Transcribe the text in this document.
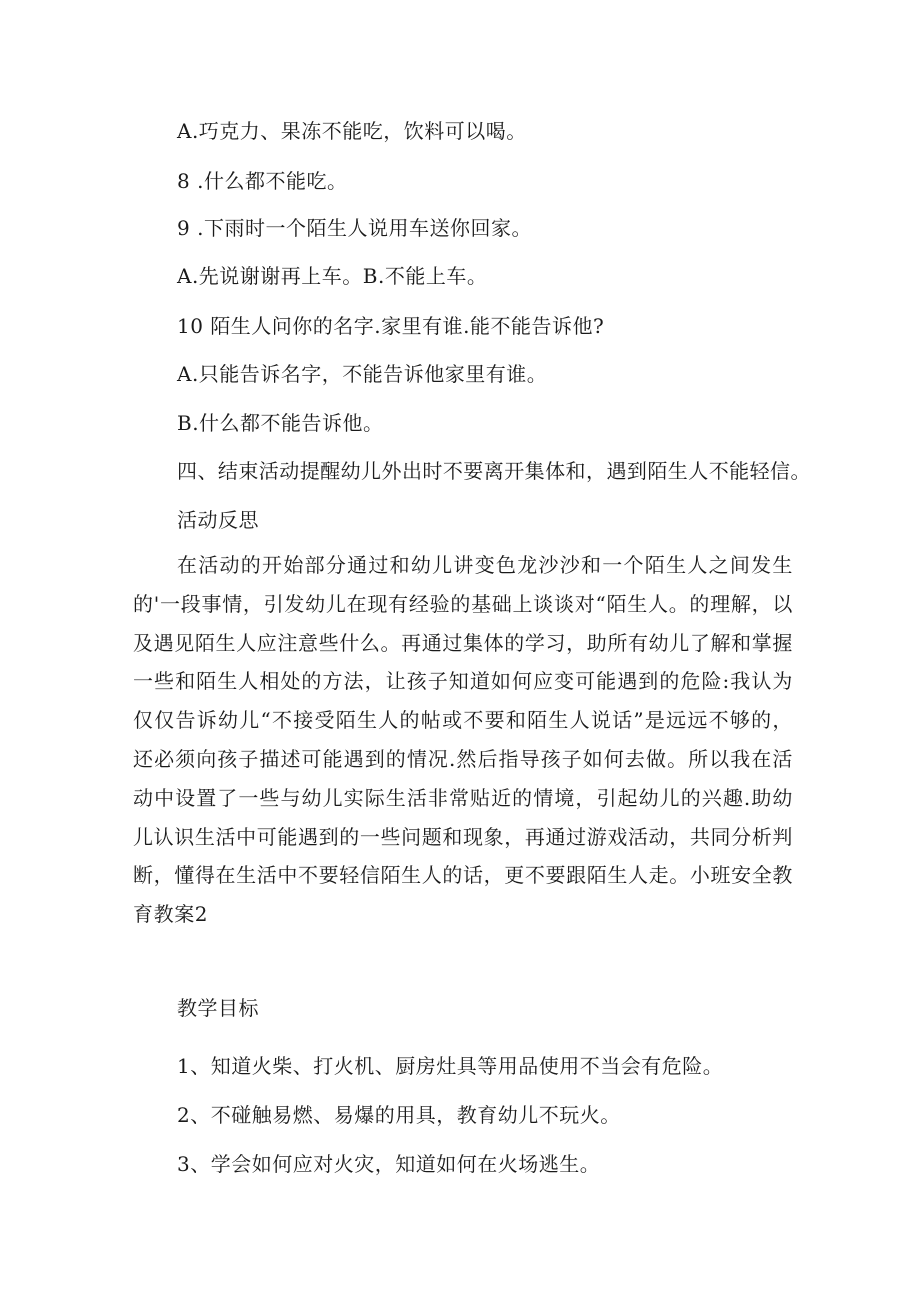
A.巧克力、果冻不能吃，饮料可以喝。
8 .什么都不能吃。
9 .下雨时一个陌生人说用车送你回家。
A.先说谢谢再上车。B.不能上车。
10 陌生人问你的名字.家里有谁.能不能告诉他?
A.只能告诉名字，不能告诉他家里有谁。
B.什么都不能告诉他。
四、结束活动提醒幼儿外出时不要离开集体和，遇到陌生人不能轻信。
活动反思

在活动的开始部分通过和幼儿讲变色龙沙沙和一个陌生人之间发生的'一段事情，引发幼儿在现有经验的基础上谈谈对“陌生人。的理解，以及遇见陌生人应注意些什么。再通过集体的学习，助所有幼儿了解和掌握一些和陌生人相处的方法，让孩子知道如何应变可能遇到的危险:我认为仅仅告诉幼儿“不接受陌生人的帖或不要和陌生人说话”是远远不够的，还必须向孩子描述可能遇到的情况.然后指导孩子如何去做。所以我在活动中设置了一些与幼儿实际生活非常贴近的情境，引起幼儿的兴趣.助幼儿认识生活中可能遇到的一些问题和现象，再通过游戏活动，共同分析判断，懂得在生活中不要轻信陌生人的话，更不要跟陌生人走。小班安全教育教案2

教学目标
1、知道火柴、打火机、厨房灶具等用品使用不当会有危险。
2、不碰触易燃、易爆的用具，教育幼儿不玩火。
3、学会如何应对火灾，知道如何在火场逃生。
